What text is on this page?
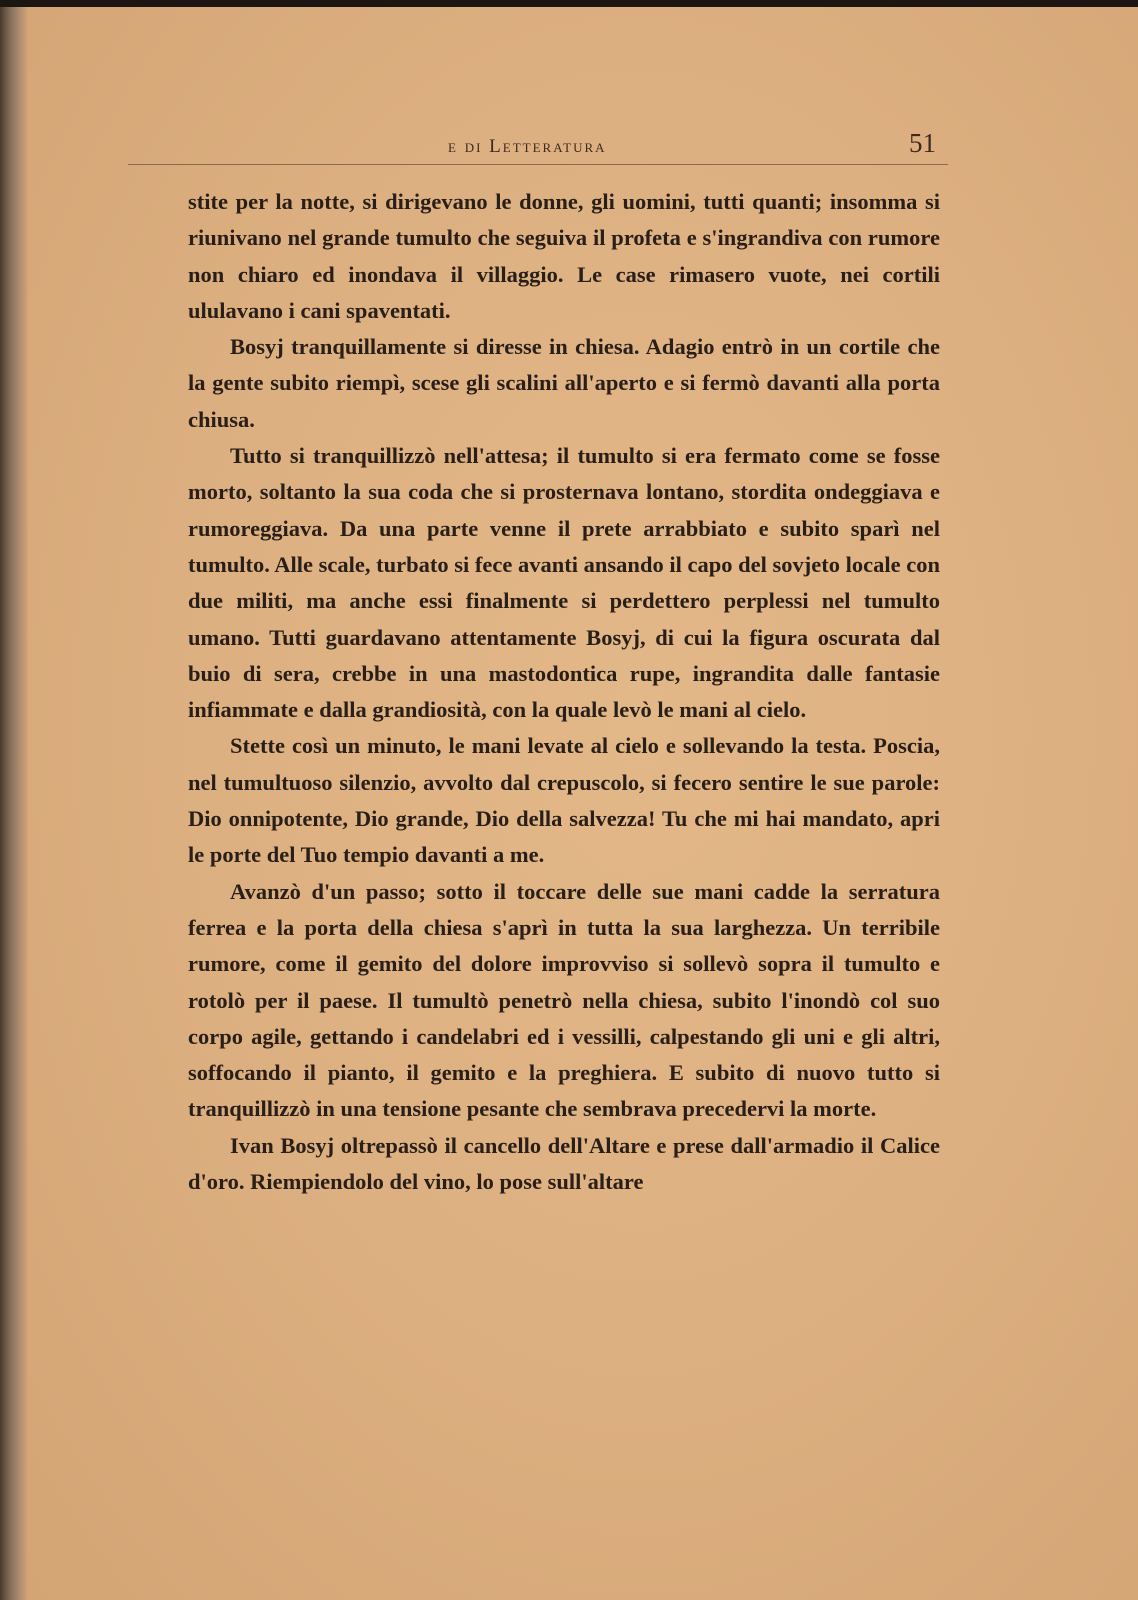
e di Letteratura	51

stite per la notte, si dirigevano le donne, gli uomini, tutti quanti; insomma si riunivano nel grande tumulto che seguiva il profeta e s'ingrandiva con rumore non chiaro ed inondava il villaggio. Le case rimasero vuote, nei cortili ululavano i cani spaventati.

Bosyj tranquillamente si diresse in chiesa. Adagio entrò in un cortile che la gente subito riempì, scese gli scalini all'aperto e si fermò davanti alla porta chiusa.

Tutto si tranquillizzò nell'attesa; il tumulto si era fermato come se fosse morto, soltanto la sua coda che si prosternava lontano, stordita ondeggiava e rumoreggiava. Da una parte venne il prete arrabbiato e subito sparì nel tumulto. Alle scale, turbato si fece avanti ansando il capo del sovjeto locale con due militi, ma anche essi finalmente si perdettero perplessi nel tumulto umano. Tutti guardavano attentamente Bosyj, di cui la figura oscurata dal buio di sera, crebbe in una mastodontica rupe, ingrandita dalle fantasie infiammate e dalla grandiosità, con la quale levò le mani al cielo.

Stette così un minuto, le mani levate al cielo e sollevando la testa. Poscia, nel tumultuoso silenzio, avvolto dal crepuscolo, si fecero sentire le sue parole: Dio onnipotente, Dio grande, Dio della salvezza! Tu che mi hai mandato, apri le porte del Tuo tempio davanti a me.

Avanzò d'un passo; sotto il toccare delle sue mani cadde la serratura ferrea e la porta della chiesa s'aprì in tutta la sua larghezza. Un terribile rumore, come il gemito del dolore improvviso si sollevò sopra il tumulto e rotolò per il paese. Il tumultò penetrò nella chiesa, subito l'inondò col suo corpo agile, gettando i candelabri ed i vessilli, calpestando gli uni e gli altri, soffocando il pianto, il gemito e la preghiera. E subito di nuovo tutto si tranquillizzò in una tensione pesante che sembrava precedervi la morte.

Ivan Bosyj oltrepassò il cancello dell'Altare e prese dall'armadio il Calice d'oro. Riempiendolo del vino, lo pose sull'altare
